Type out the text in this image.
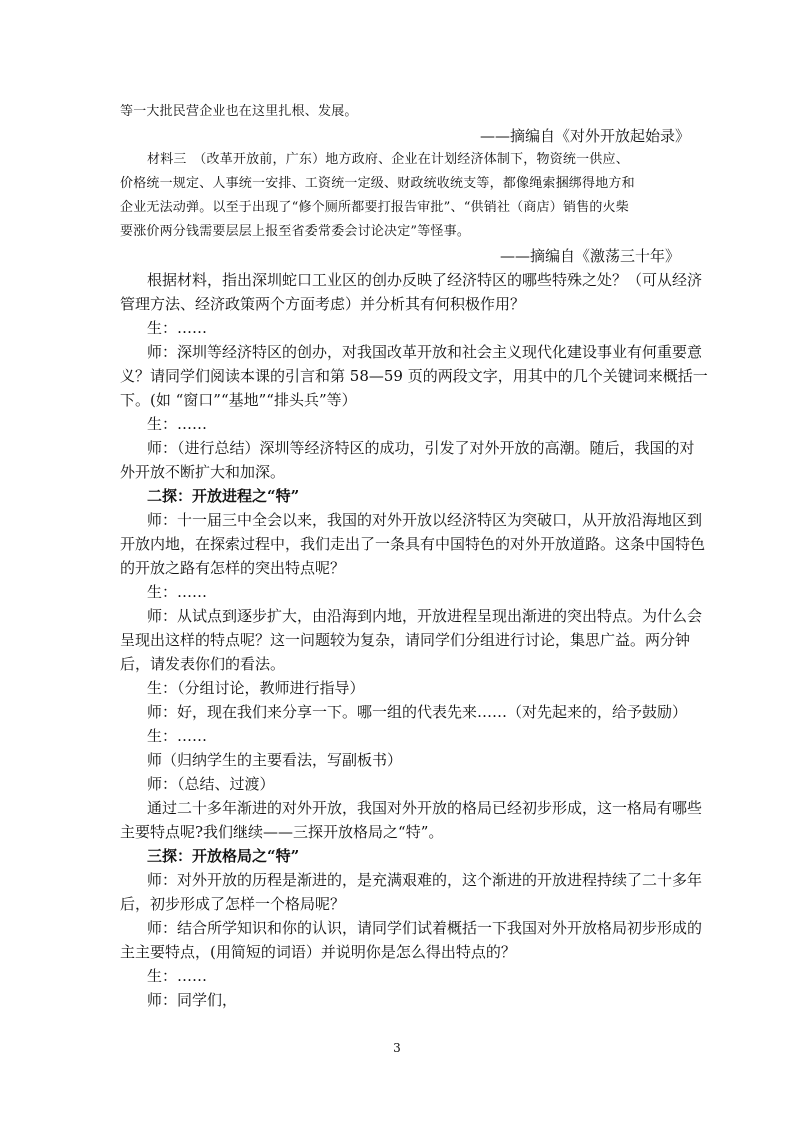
等一大批民营企业也在这里扎根、发展。
——摘编自《对外开放起始录》
材料三　（改革开放前，广东）地方政府、企业在计划经济体制下，物资统一供应、
价格统一规定、人事统一安排、工资统一定级、财政统收统支等，都像绳索捆绑得地方和
企业无法动弹。以至于出现了“修个厕所都要打报告审批”、“供销社（商店）销售的火柴
要涨价两分钱需要层层上报至省委常委会讨论决定”等怪事。
——摘编自《激荡三十年》
根据材料，指出深圳蛇口工业区的创办反映了经济特区的哪些特殊之处？（可从经济
管理方法、经济政策两个方面考虑）并分析其有何积极作用？
生：……
师：深圳等经济特区的创办，对我国改革开放和社会主义现代化建设事业有何重要意
义？请同学们阅读本课的引言和第 58—59 页的两段文字，用其中的几个关键词来概括一
下。(如 “窗口”“基地”“排头兵”等）
生：……
师：（进行总结）深圳等经济特区的成功，引发了对外开放的高潮。随后，我国的对
外开放不断扩大和加深。
二探：开放进程之“特”
师：十一届三中全会以来，我国的对外开放以经济特区为突破口，从开放沿海地区到
开放内地，在探索过程中，我们走出了一条具有中国特色的对外开放道路。这条中国特色
的开放之路有怎样的突出特点呢？
生：……
师：从试点到逐步扩大，由沿海到内地，开放进程呈现出渐进的突出特点。为什么会
呈现出这样的特点呢？这一问题较为复杂，请同学们分组进行讨论，集思广益。两分钟
后，请发表你们的看法。
生：（分组讨论，教师进行指导）
师：好，现在我们来分享一下。哪一组的代表先来……（对先起来的，给予鼓励）
生：……
师（归纳学生的主要看法，写副板书）
师：（总结、过渡）
通过二十多年渐进的对外开放，我国对外开放的格局已经初步形成，这一格局有哪些
主要特点呢?我们继续——三探开放格局之“特”。
三探：开放格局之“特”
师：对外开放的历程是渐进的，是充满艰难的，这个渐进的开放进程持续了二十多年
后，初步形成了怎样一个格局呢？
师：结合所学知识和你的认识，请同学们试着概括一下我国对外开放格局初步形成的
主主要特点，(用简短的词语）并说明你是怎么得出特点的？
生：……
师：同学们，
3
